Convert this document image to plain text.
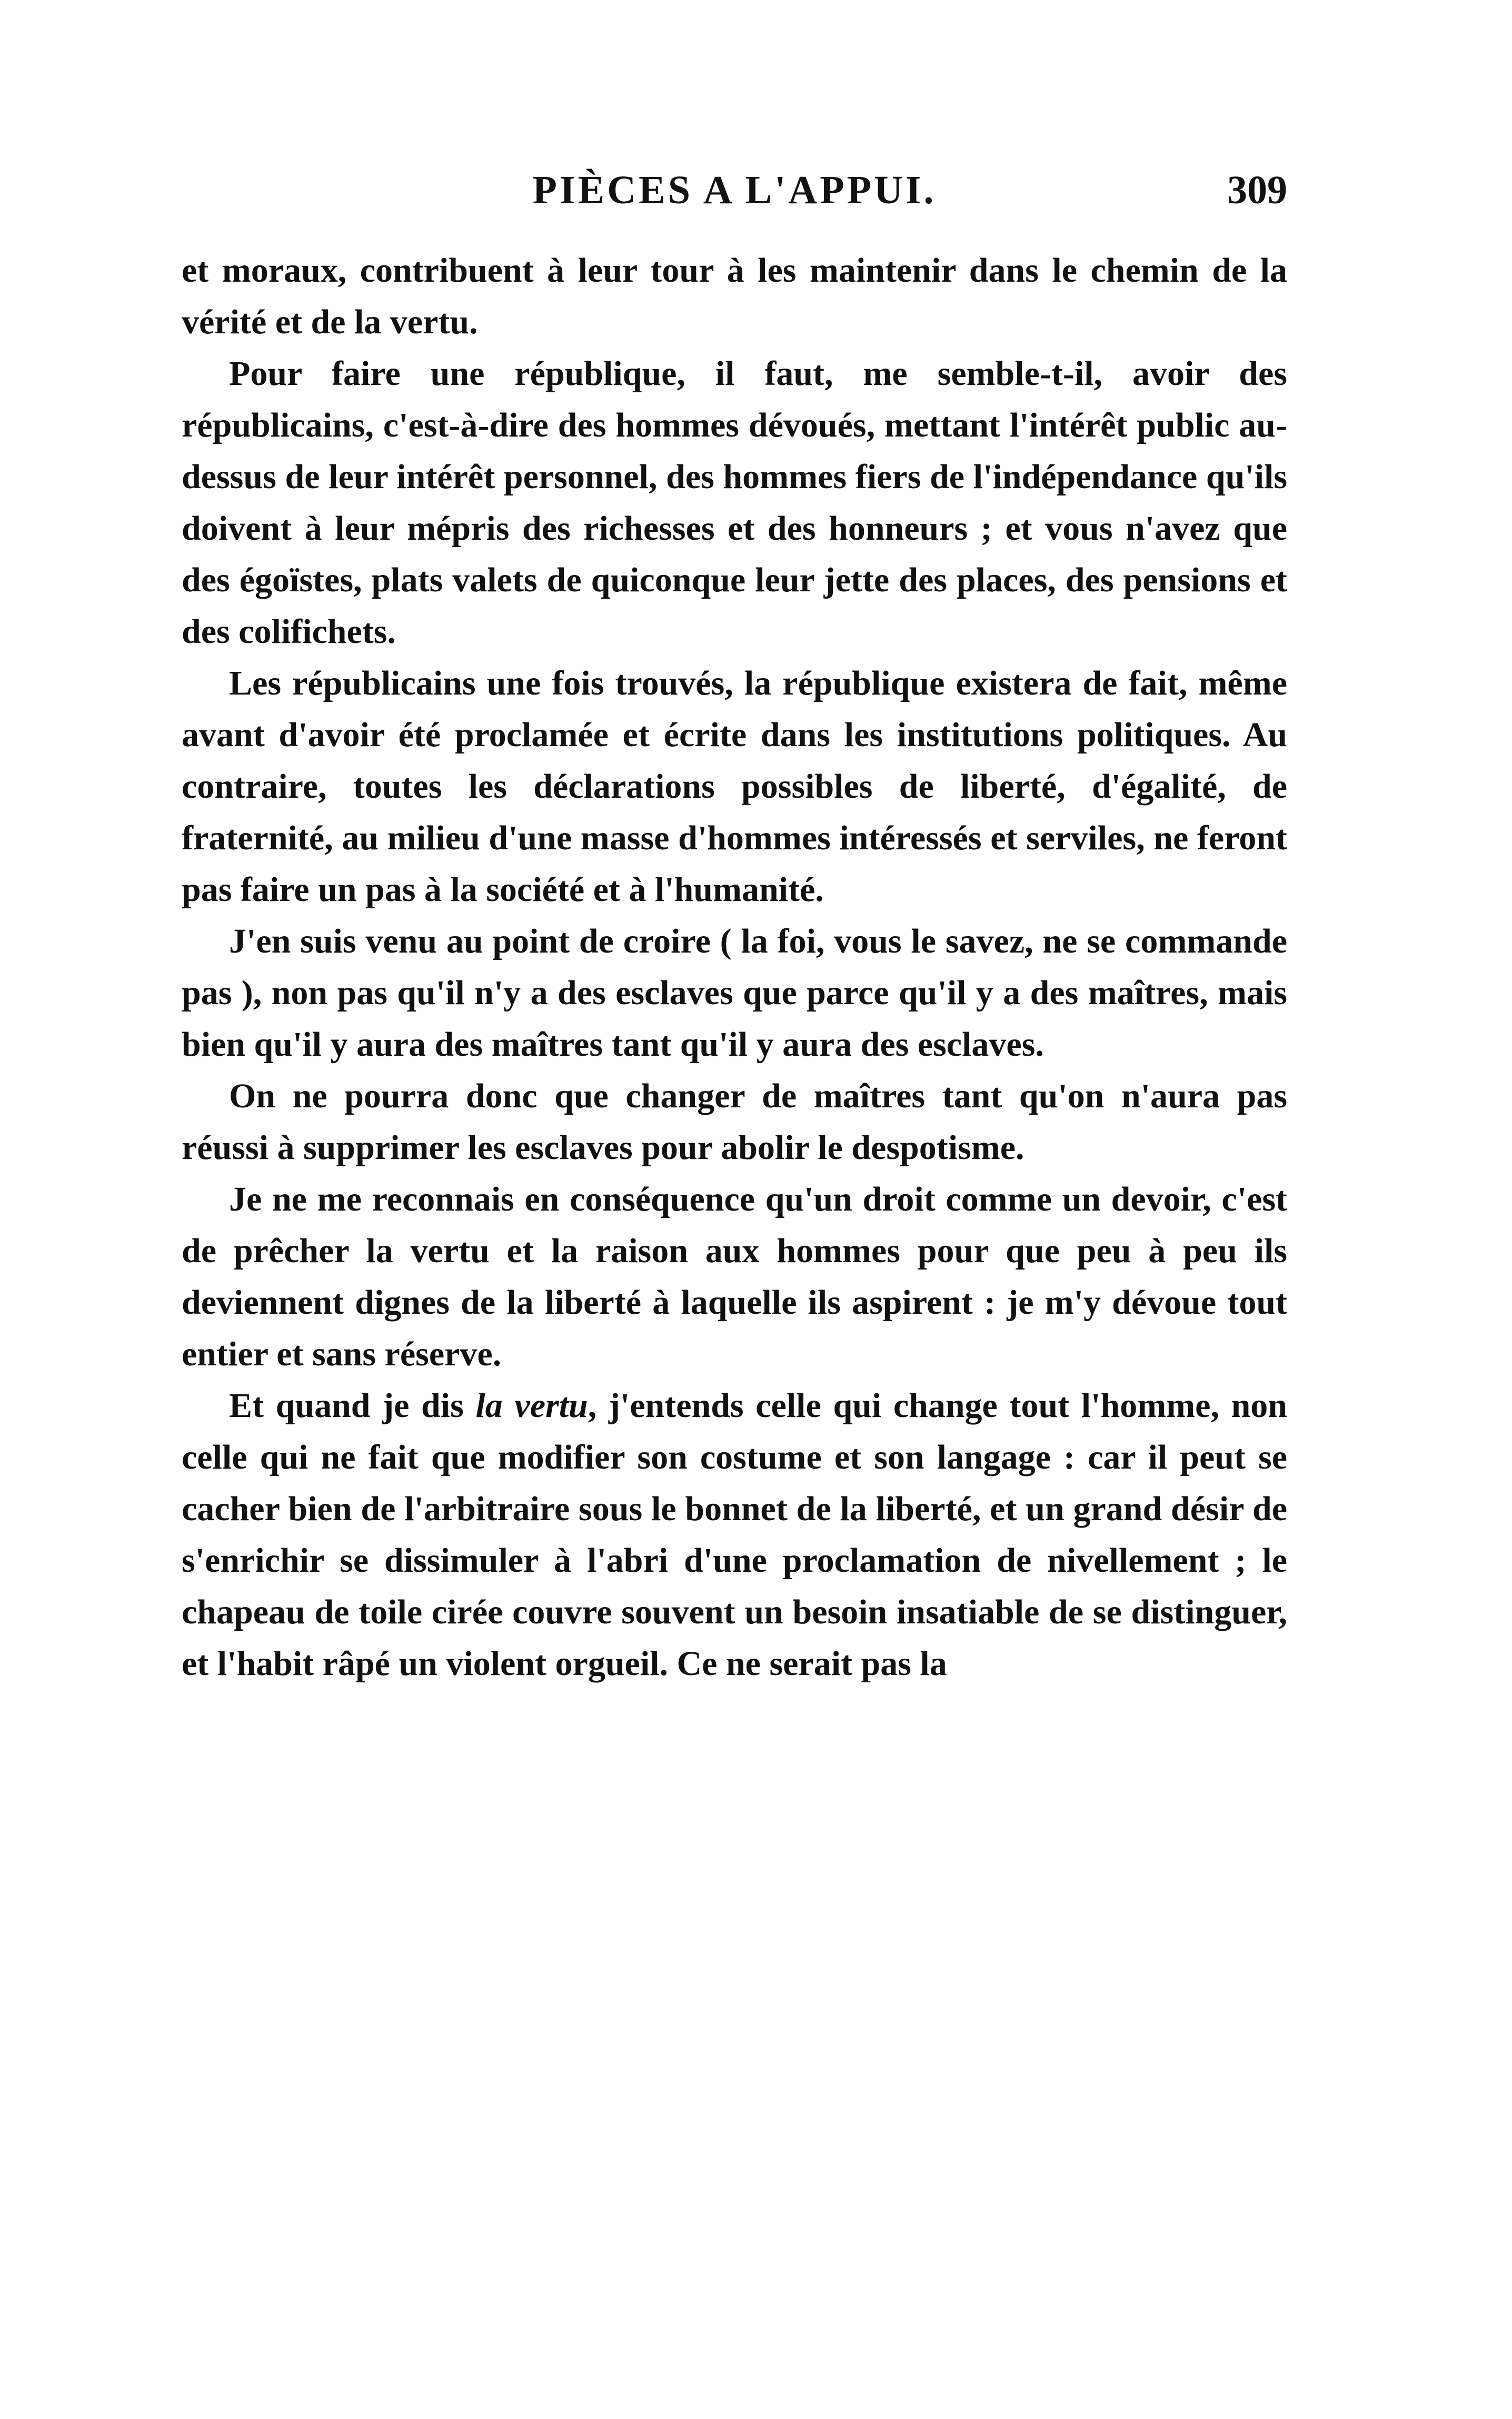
PIÈCES A L'APPUI.	309

et moraux, contribuent à leur tour à les maintenir dans le chemin de la vérité et de la vertu.

Pour faire une république, il faut, me semble-t-il, avoir des républicains, c'est-à-dire des hommes dévoués, mettant l'intérêt public au-dessus de leur intérêt personnel, des hommes fiers de l'indépendance qu'ils doivent à leur mépris des richesses et des honneurs ; et vous n'avez que des égoïstes, plats valets de quiconque leur jette des places, des pensions et des colifichets.

Les républicains une fois trouvés, la république existera de fait, même avant d'avoir été proclamée et écrite dans les institutions politiques. Au contraire, toutes les déclarations possibles de liberté, d'égalité, de fraternité, au milieu d'une masse d'hommes intéressés et serviles, ne feront pas faire un pas à la société et à l'humanité.

J'en suis venu au point de croire ( la foi, vous le savez, ne se commande pas ), non pas qu'il n'y a des esclaves que parce qu'il y a des maîtres, mais bien qu'il y aura des maîtres tant qu'il y aura des esclaves.

On ne pourra donc que changer de maîtres tant qu'on n'aura pas réussi à supprimer les esclaves pour abolir le despotisme.

Je ne me reconnais en conséquence qu'un droit comme un devoir, c'est de prêcher la vertu et la raison aux hommes pour que peu à peu ils deviennent dignes de la liberté à laquelle ils aspirent : je m'y dévoue tout entier et sans réserve.

Et quand je dis la vertu, j'entends celle qui change tout l'homme, non celle qui ne fait que modifier son costume et son langage : car il peut se cacher bien de l'arbitraire sous le bonnet de la liberté, et un grand désir de s'enrichir se dissimuler à l'abri d'une proclamation de nivellement ; le chapeau de toile cirée couvre souvent un besoin insatiable de se distinguer, et l'habit râpé un violent orgueil. Ce ne serait pas la
